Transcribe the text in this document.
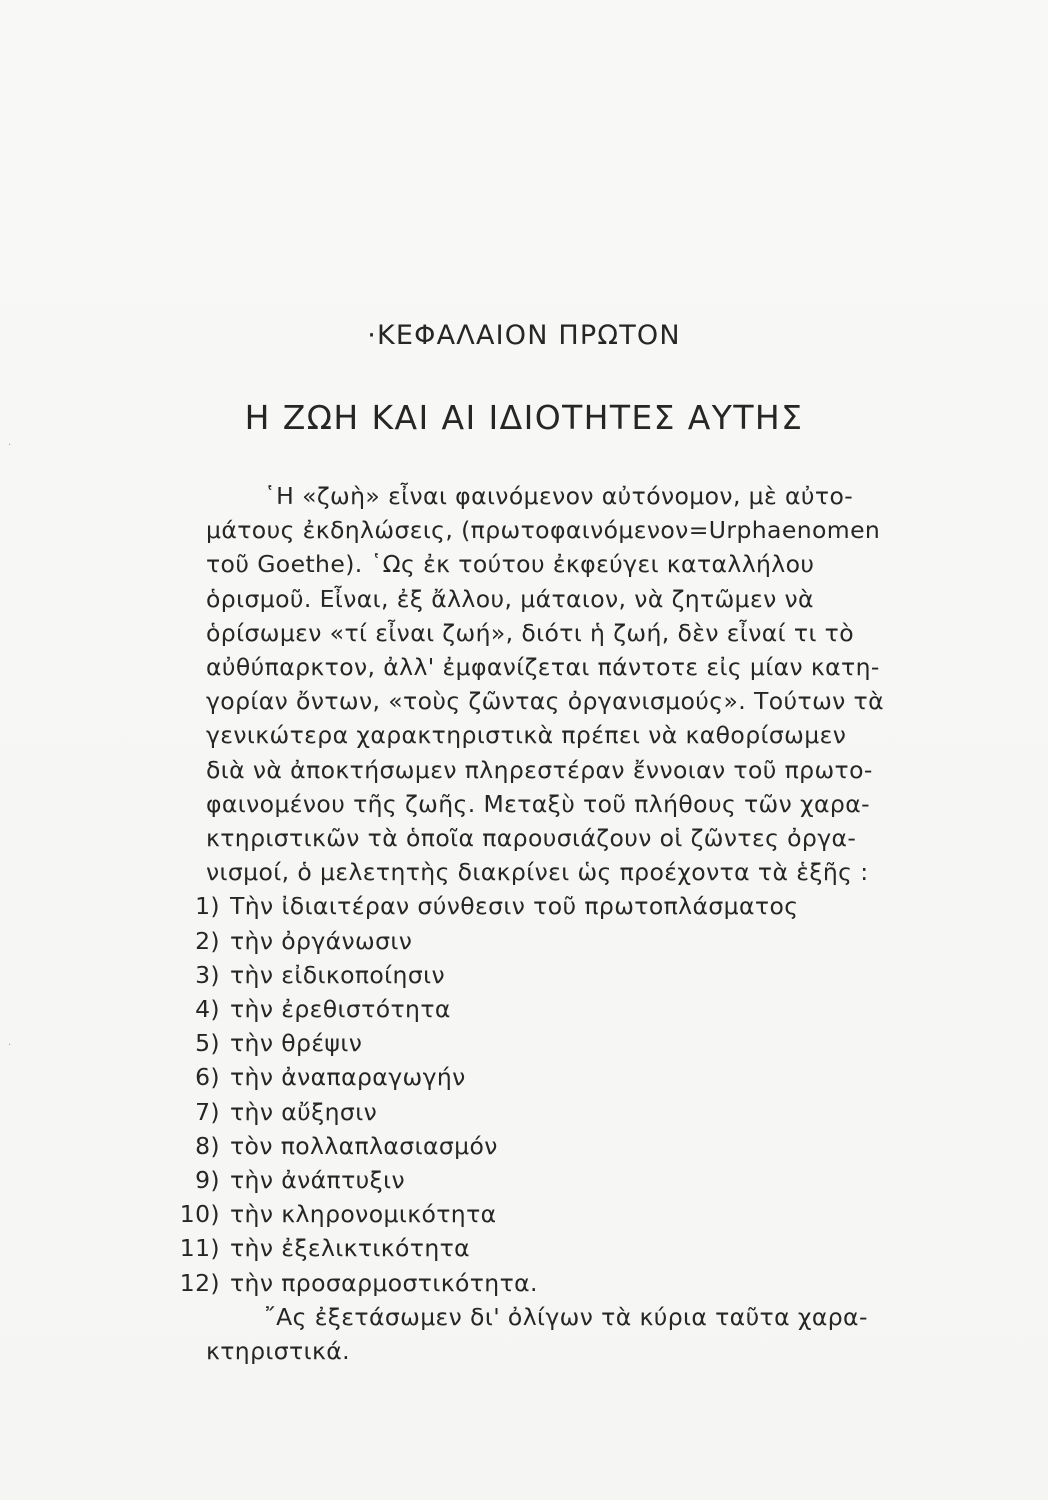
·ΚΕΦΑΛΑΙΟΝ ΠΡΩΤΟΝ
Η ΖΩΗ ΚΑΙ ΑΙ ΙΔΙΟΤΗΤΕΣ ΑΥΤΗΣ
῾Η «ζωὴ» εἶναι φαινόμενον αὐτόνομον, μὲ αὐτο-
μάτους ἐκδηλώσεις, (πρωτοφαινόμενον=Urphaenomen
τοῦ Goethe). ῾Ως ἐκ τούτου ἐκφεύγει καταλλήλου
ὁρισμοῦ. Εἶναι, ἐξ ἄλλου, μάταιον, νὰ ζητῶμεν νὰ
ὁρίσωμεν «τί εἶναι ζωή», διότι ἡ ζωή, δὲν εἶναί τι τὸ
αὐθύπαρκτον, ἀλλ' ἐμφανίζεται πάντοτε εἰς μίαν κατη-
γορίαν ὄντων, «τοὺς ζῶντας ὀργανισμούς». Τούτων τὰ
γενικώτερα χαρακτηριστικὰ πρέπει νὰ καθορίσωμεν
διὰ νὰ ἀποκτήσωμεν πληρεστέραν ἔννοιαν τοῦ πρωτο-
φαινομένου τῆς ζωῆς. Μεταξὺ τοῦ πλήθους τῶν χαρα-
κτηριστικῶν τὰ ὁποῖα παρουσιάζουν οἱ ζῶντες ὀργα-
νισμοί, ὁ μελετητὴς διακρίνει ὡς προέχοντα τὰ ἑξῆς :
1) Τὴν ἰδιαιτέραν σύνθεσιν τοῦ πρωτοπλάσματος
2) τὴν ὀργάνωσιν
3) τὴν εἰδικοποίησιν
4) τὴν ἐρεθιστότητα
5) τὴν θρέψιν
6) τὴν ἀναπαραγωγήν
7) τὴν αὔξησιν
8) τὸν πολλαπλασιασμόν
9) τὴν ἀνάπτυξιν
10) τὴν κληρονομικότητα
11) τὴν ἐξελικτικότητα
12) τὴν προσαρμοστικότητα.
῎Ας ἐξετάσωμεν δι' ὀλίγων τὰ κύρια ταῦτα χαρα-
κτηριστικά.
·
·
